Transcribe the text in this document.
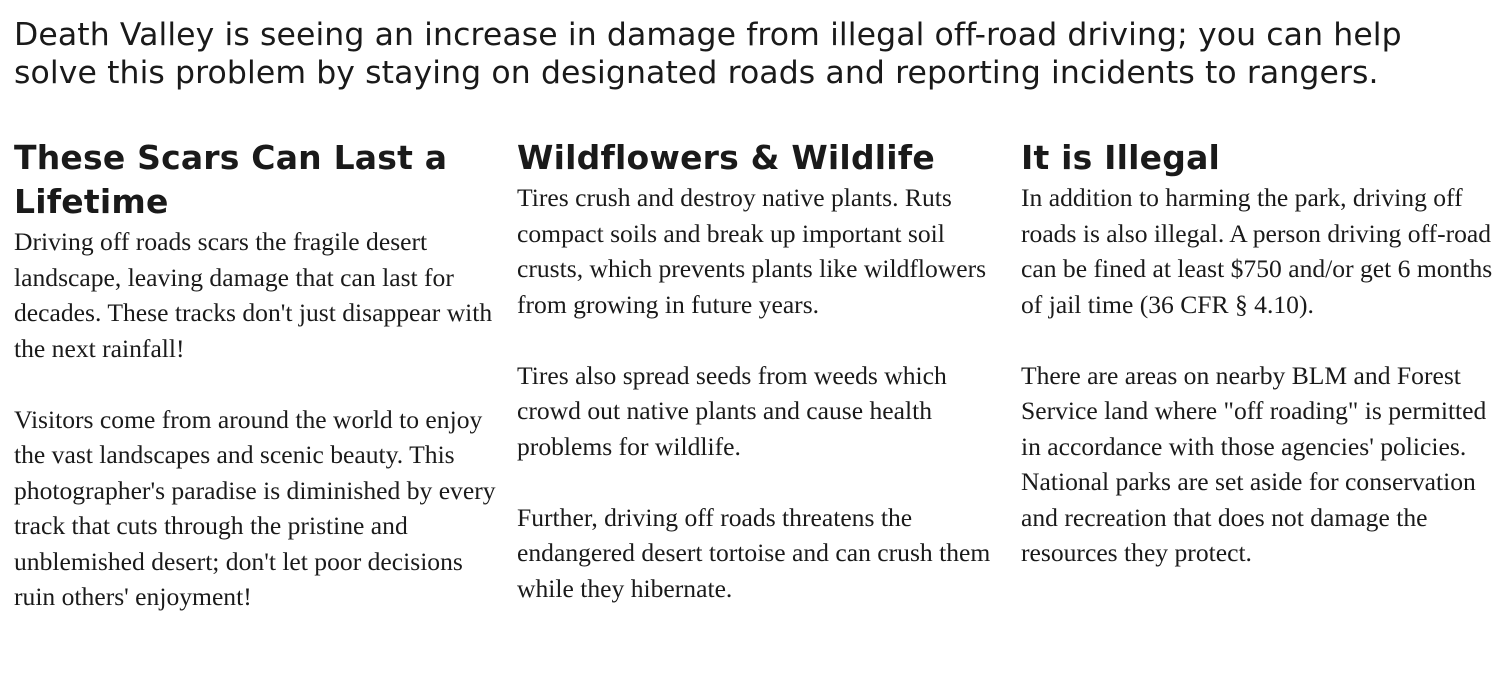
Death Valley is seeing an increase in damage from illegal off-road driving; you can help solve this problem by staying on designated roads and reporting incidents to rangers.

These Scars Can Last a Lifetime

Driving off roads scars the fragile desert landscape, leaving damage that can last for decades. These tracks don't just disappear with the next rainfall!

Visitors come from around the world to enjoy the vast landscapes and scenic beauty. This photographer's paradise is diminished by every track that cuts through the pristine and unblemished desert; don't let poor decisions ruin others' enjoyment!

Wildflowers & Wildlife

Tires crush and destroy native plants. Ruts compact soils and break up important soil crusts, which prevents plants like wildflowers from growing in future years.

Tires also spread seeds from weeds which crowd out native plants and cause health problems for wildlife.

Further, driving off roads threatens the endangered desert tortoise and can crush them while they hibernate.

It is Illegal

In addition to harming the park, driving off roads is also illegal. A person driving off-road can be fined at least $750 and/or get 6 months of jail time (36 CFR § 4.10).

There are areas on nearby BLM and Forest Service land where "off roading" is permitted in accordance with those agencies' policies. National parks are set aside for conservation and recreation that does not damage the resources they protect.
